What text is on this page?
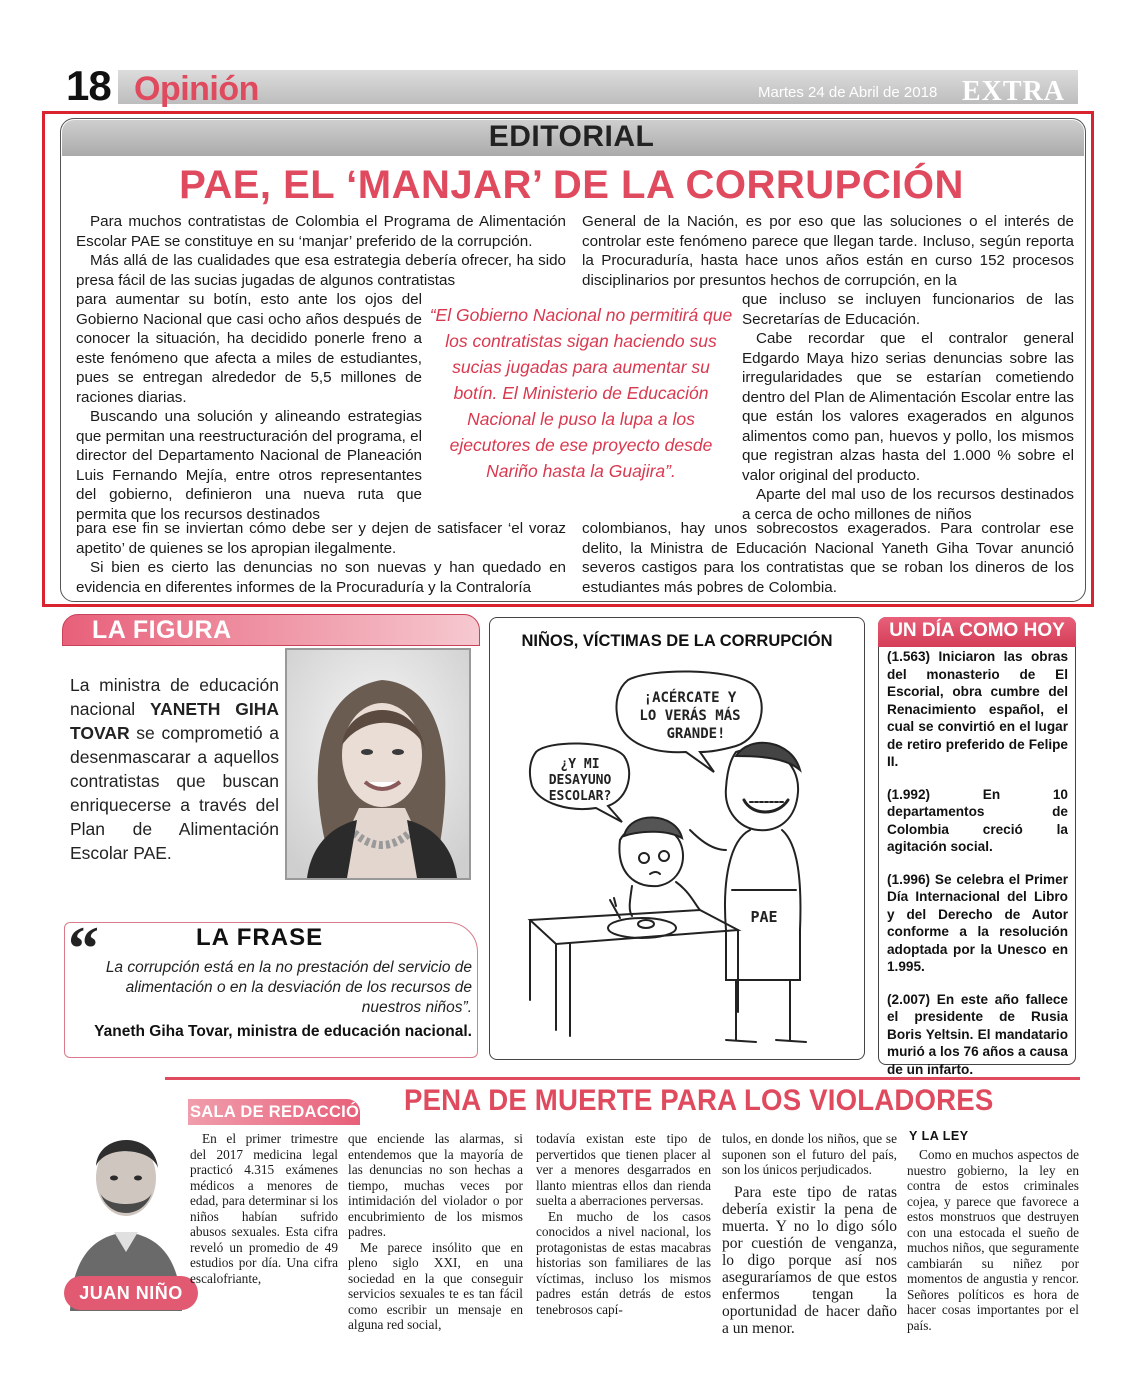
18 Opinión	Martes 24 de Abril de 2018 EXTRA
EDITORIAL
PAE, EL ‘MANJAR’ DE LA CORRUPCIÓN

Para muchos contratistas de Colombia el Programa de Alimentación Escolar PAE se constituye en su ‘manjar’ preferido de la corrupción.

Más allá de las cualidades que esa estrategia debería ofrecer, ha sido presa fácil de las sucias jugadas de algunos contratistas

para aumentar su botín, esto ante los ojos del Gobierno Nacional que casi ocho años después de conocer la situación, ha decidido ponerle freno a este fenómeno que afecta a miles de estudiantes, pues se entregan alrededor de 5,5 millones de raciones diarias.

Buscando una solución y alineando estrategias que permitan una reestructuración del programa, el director del Departamento Nacional de Planeación Luis Fernando Mejía, entre otros representantes del gobierno, definieron una nueva ruta que permita que los recursos destinados

para ese fin se inviertan cómo debe ser y dejen de satisfacer ‘el voraz apetito’ de quienes se los apropian ilegalmente.

Si bien es cierto las denuncias no son nuevas y han quedado en evidencia en diferentes informes de la Procuraduría y la Contraloría

General de la Nación, es por eso que las soluciones o el interés de controlar este fenómeno parece que llegan tarde. Incluso, según reporta la Procuraduría, hasta hace unos años están en curso 152 procesos disciplinarios por presuntos hechos de corrupción, en la

que incluso se incluyen funcionarios de las Secretarías de Educación.

Cabe recordar que el contralor general Edgardo Maya hizo serias denuncias sobre las irregularidades que se estarían cometiendo dentro del Plan de Alimentación Escolar entre las que están los valores exagerados en algunos alimentos como pan, huevos y pollo, los mismos que registran alzas hasta del 1.000 % sobre el valor original del producto.

Aparte del mal uso de los recursos destinados a cerca de ocho millones de niños

colombianos, hay unos sobrecostos exagerados. Para controlar ese delito, la Ministra de Educación Nacional Yaneth Giha Tovar anunció severos castigos para los contratistas que se roban los dineros de los estudiantes más pobres de Colombia.

“El Gobierno Nacional no permitirá que los contratistas sigan haciendo sus sucias jugadas para aumentar su botín. El Ministerio de Educación Nacional le puso la lupa a los ejecutores de ese proyecto desde Nariño hasta la Guajira”.
LA FIGURA
La ministra de educación nacional YANETH GIHA TOVAR se comprometió a desenmascarar a aquellos contratistas que buscan enriquecerse a través del Plan de Alimentación Escolar PAE.
“	LA FRASE
La corrupción está en la no prestación del servicio de alimentación o en la desviación de los recursos de nuestros niños”.
Yaneth Giha Tovar, ministra de educación nacional.
NIÑOS, VÍCTIMAS DE LA CORRUPCIÓN
¡ACÉRCATE Y
LO VERÁS MÁS
GRANDE!
¿Y MI
DESAYUNO
ESCOLAR?
PAE
UN DÍA COMO HOY

(1.563) Iniciaron las obras del monasterio de El Escorial, obra cumbre del Renacimiento español, el cual se convirtió en el lugar de retiro preferido de Felipe II.

(1.992) En 10 departamentos de Colombia creció la agitación social.

(1.996) Se celebra el Primer Día Internacional del Libro y del Derecho de Autor conforme a la resolución adoptada por la Unesco en 1.995.

(2.007) En este año fallece el presidente de Rusia Boris Yeltsin. El mandatario murió a los 76 años a causa de un infarto.

SALA DE REDACCIÓN
JUAN NIÑO
PENA DE MUERTE PARA LOS VIOLADORES

En el primer trimestre del 2017 medicina legal practicó 4.315 exámenes médicos a menores de edad, para determinar si los niños habían sufrido abusos sexuales. Esta cifra reveló un promedio de 49 estudios por día. Una cifra escalofriante,

que enciende las alarmas, si entendemos que la mayoría de las denuncias no son hechas a tiempo, muchas veces por intimidación del violador o por encubrimiento de los mismos padres.

Me parece insólito que en pleno siglo XXI, en una sociedad en la que conseguir servicios sexuales te es tan fácil como escribir un mensaje en alguna red social,

todavía existan este tipo de pervertidos que tienen placer al ver a menores desgarrados en llanto mientras ellos dan rienda suelta a aberraciones perversas.

En mucho de los casos conocidos a nivel nacional, los protagonistas de estas macabras historias son familiares de las víctimas, incluso los mismos padres están detrás de estos tenebrosos capí-

tulos, en donde los niños, que se suponen son el futuro del país, son los únicos perjudicados.

Para este tipo de ratas debería existir la pena de muerta. Y no lo digo sólo por cuestión de venganza, lo digo porque así nos aseguraríamos de que estos enfermos tengan la oportunidad de hacer daño a un menor.

Y LA LEY

Como en muchos aspectos de nuestro gobierno, la ley en contra de estos criminales cojea, y parece que favorece a estos monstruos que destruyen con una estocada el sueño de muchos niños, que seguramente cambiarán su niñez por momentos de angustia y rencor. Señores políticos es hora de hacer cosas importantes por el país.
